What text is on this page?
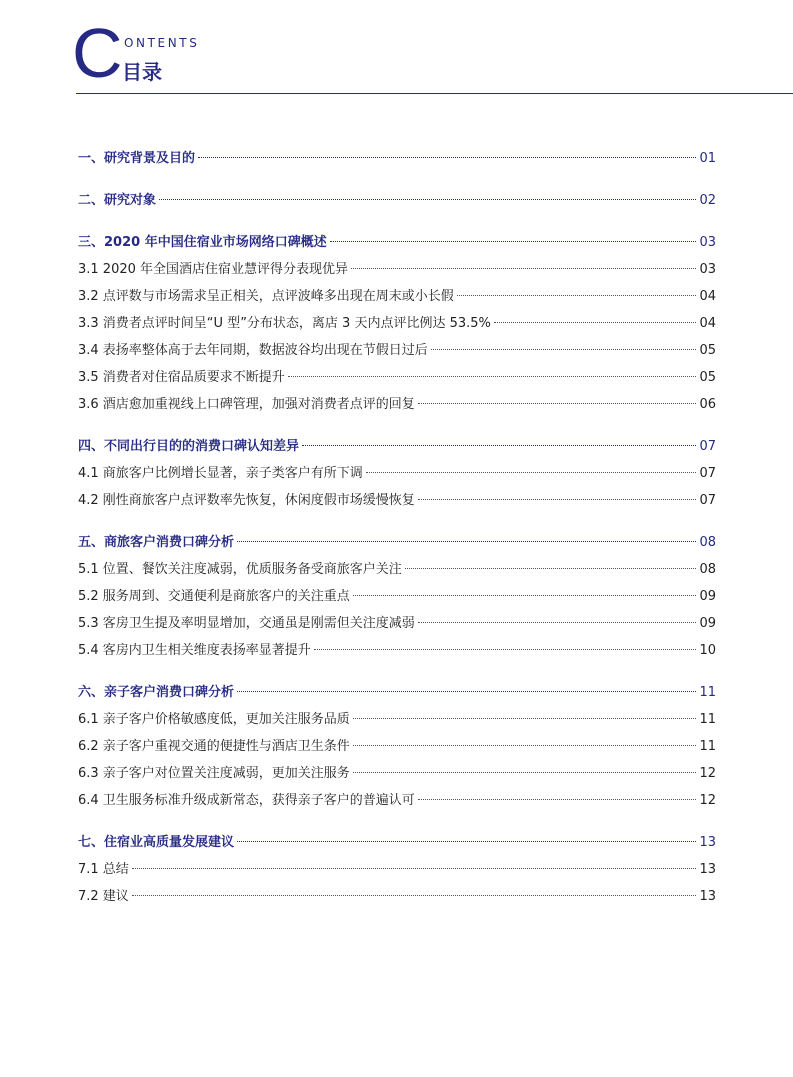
C ONTENTS
目录
一、研究背景及目的	01
二、研究对象	02
三、2020 年中国住宿业市场网络口碑概述	03
3.1 2020 年全国酒店住宿业慧评得分表现优异	03
3.2 点评数与市场需求呈正相关，点评波峰多出现在周末或小长假	04
3.3 消费者点评时间呈“U 型”分布状态，离店 3 天内点评比例达 53.5%	04
3.4 表扬率整体高于去年同期，数据波谷均出现在节假日过后	05
3.5 消费者对住宿品质要求不断提升	05
3.6 酒店愈加重视线上口碑管理，加强对消费者点评的回复	06
四、不同出行目的的消费口碑认知差异	07
4.1 商旅客户比例增长显著，亲子类客户有所下调	07
4.2 刚性商旅客户点评数率先恢复，休闲度假市场缓慢恢复	07
五、商旅客户消费口碑分析	08
5.1 位置、餐饮关注度减弱，优质服务备受商旅客户关注	08
5.2 服务周到、交通便利是商旅客户的关注重点	09
5.3 客房卫生提及率明显增加，交通虽是刚需但关注度减弱	09
5.4 客房内卫生相关维度表扬率显著提升	10
六、亲子客户消费口碑分析	11
6.1 亲子客户价格敏感度低，更加关注服务品质	11
6.2 亲子客户重视交通的便捷性与酒店卫生条件	11
6.3 亲子客户对位置关注度减弱，更加关注服务	12
6.4 卫生服务标准升级成新常态，获得亲子客户的普遍认可	12
七、住宿业高质量发展建议	13
7.1 总结	13
7.2 建议	13
